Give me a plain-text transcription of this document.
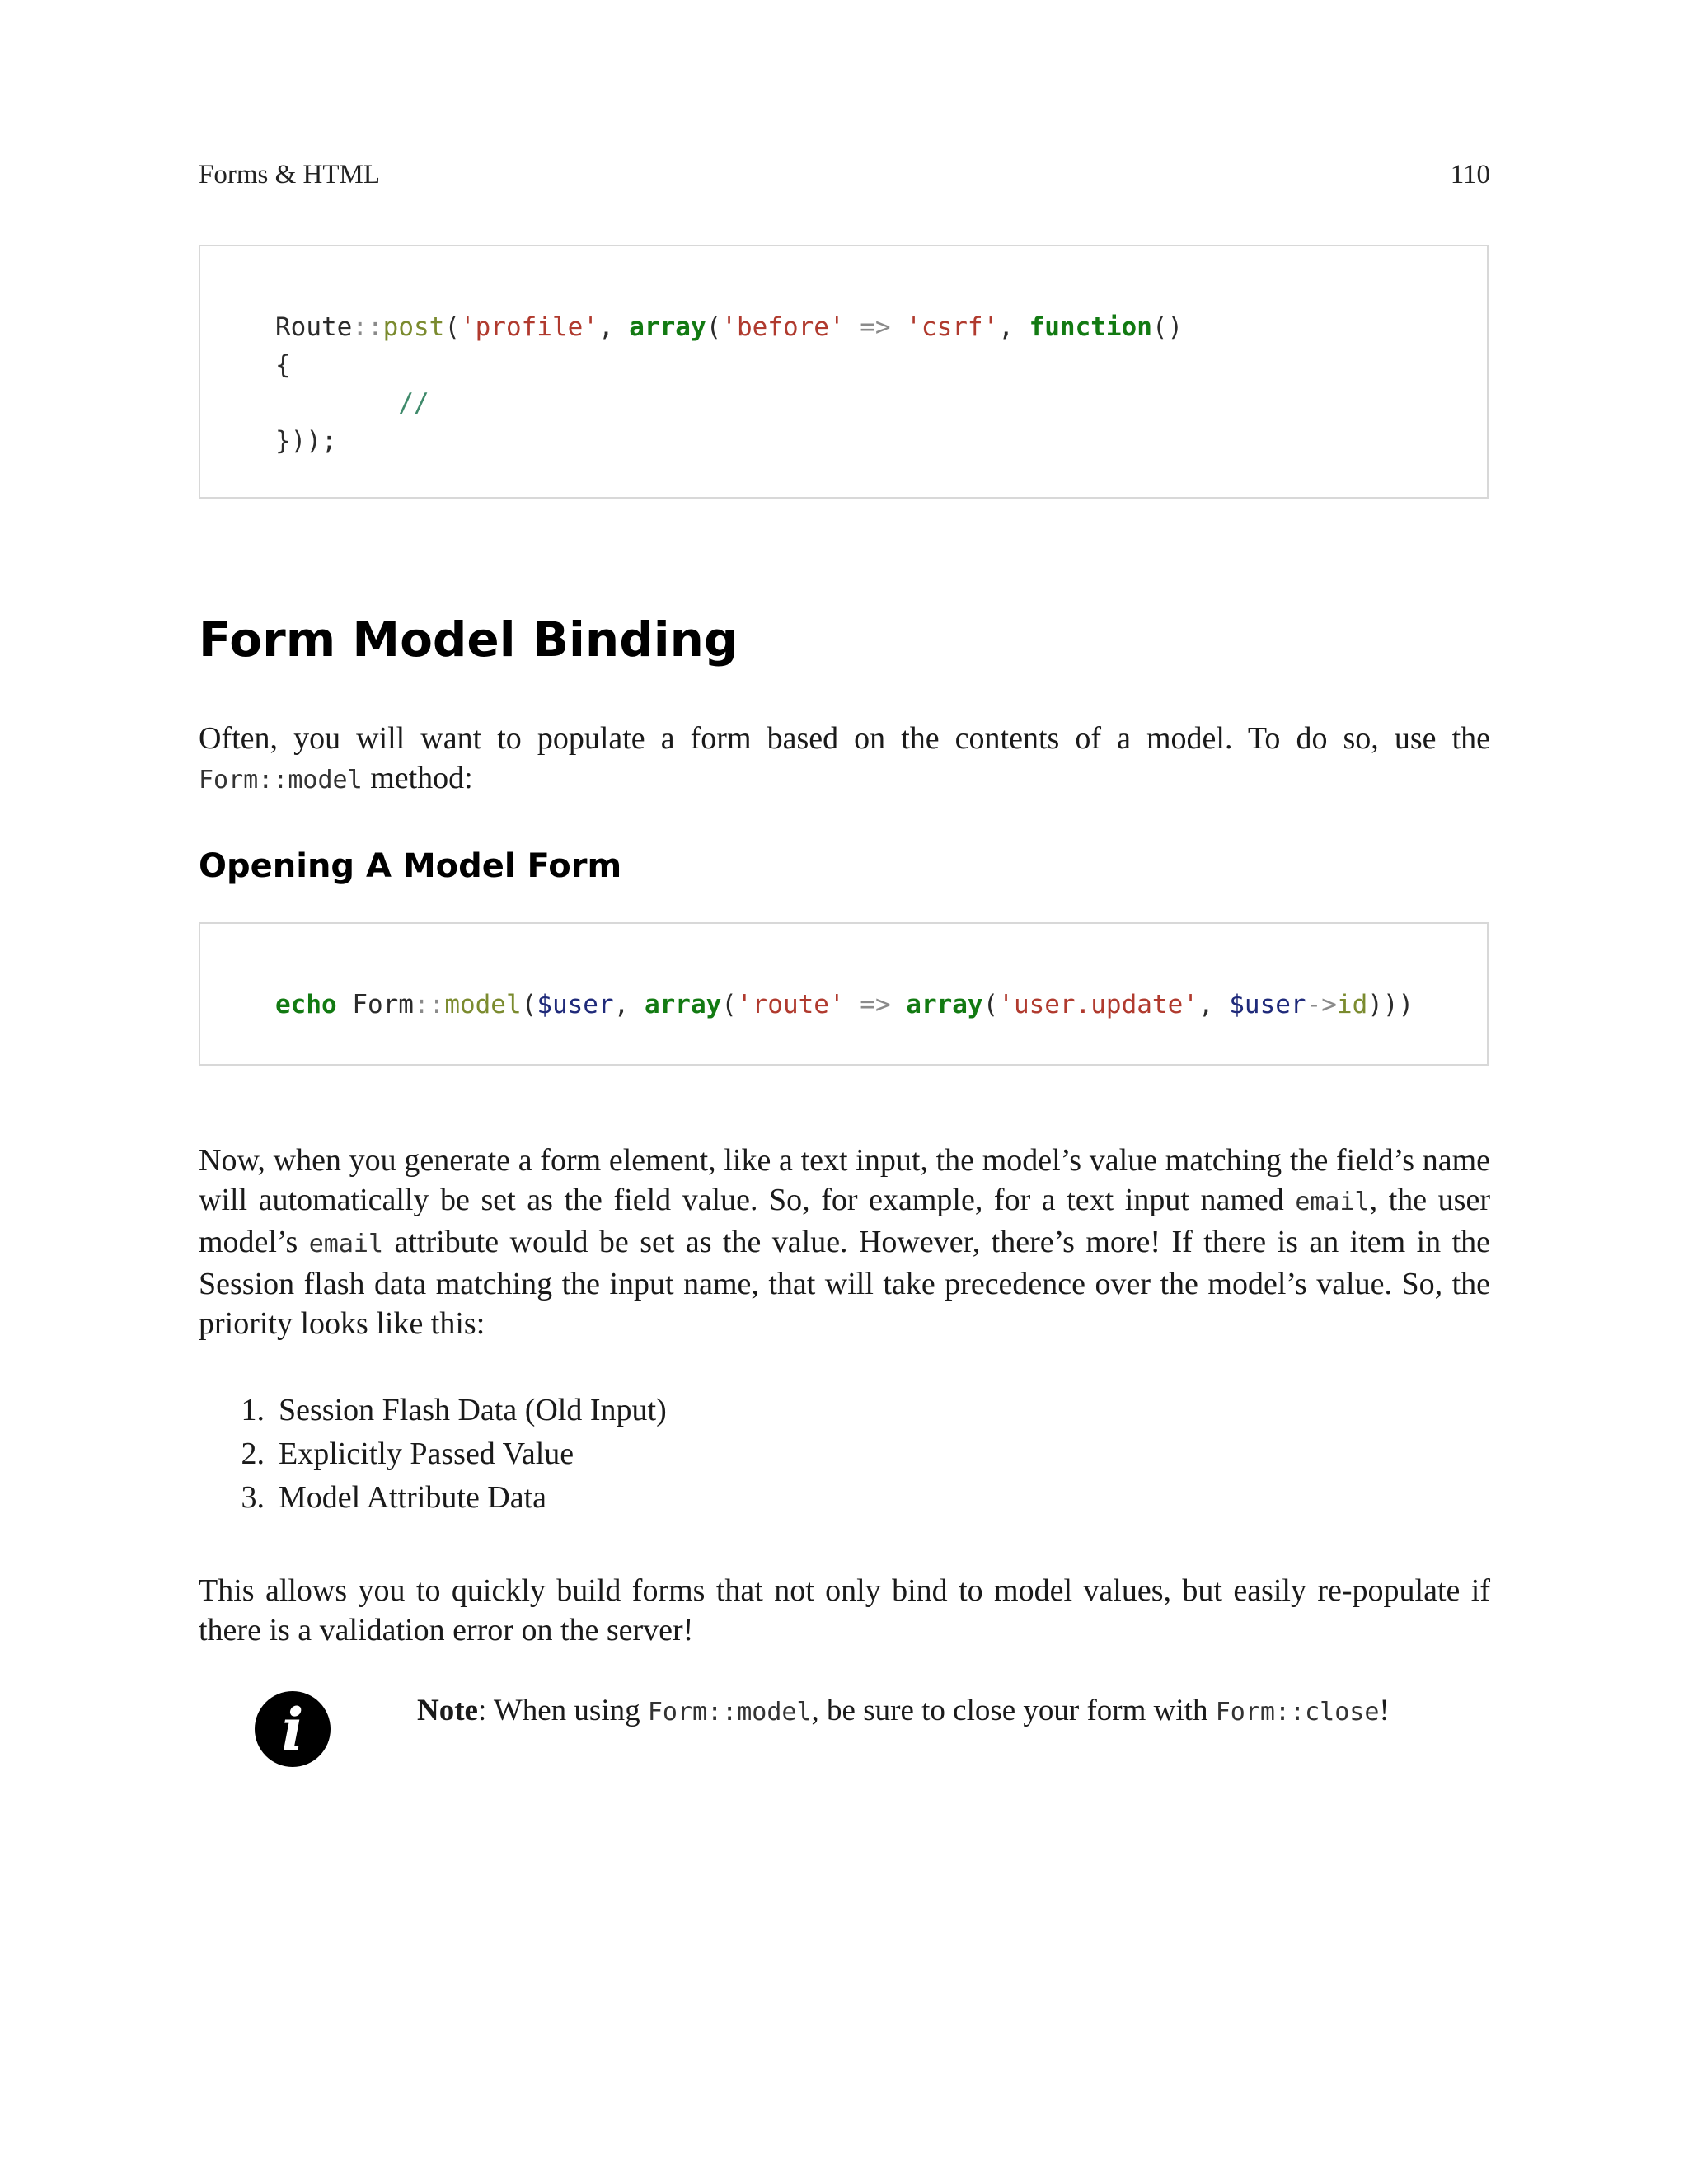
Forms & HTML	110
Route::post('profile', array('before' => 'csrf', function()
{
//
}));
Form Model Binding

Often, you will want to populate a form based on the contents of a model. To do so, use the Form::model method:

Opening A Model Form
echo Form::model($user, array('route' => array('user.update', $user->id)))

Now, when you generate a form element, like a text input, the model’s value matching the field’s name will automatically be set as the field value. So, for example, for a text input named email, the user model’s email attribute would be set as the value. However, there’s more! If there is an item in the Session flash data matching the input name, that will take precedence over the model’s value. So, the priority looks like this:

1. Session Flash Data (Old Input)
2. Explicitly Passed Value
3. Model Attribute Data

This allows you to quickly build forms that not only bind to model values, but easily re-populate if there is a validation error on the server!

i	Note: When using Form::model, be sure to close your form with Form::close!
